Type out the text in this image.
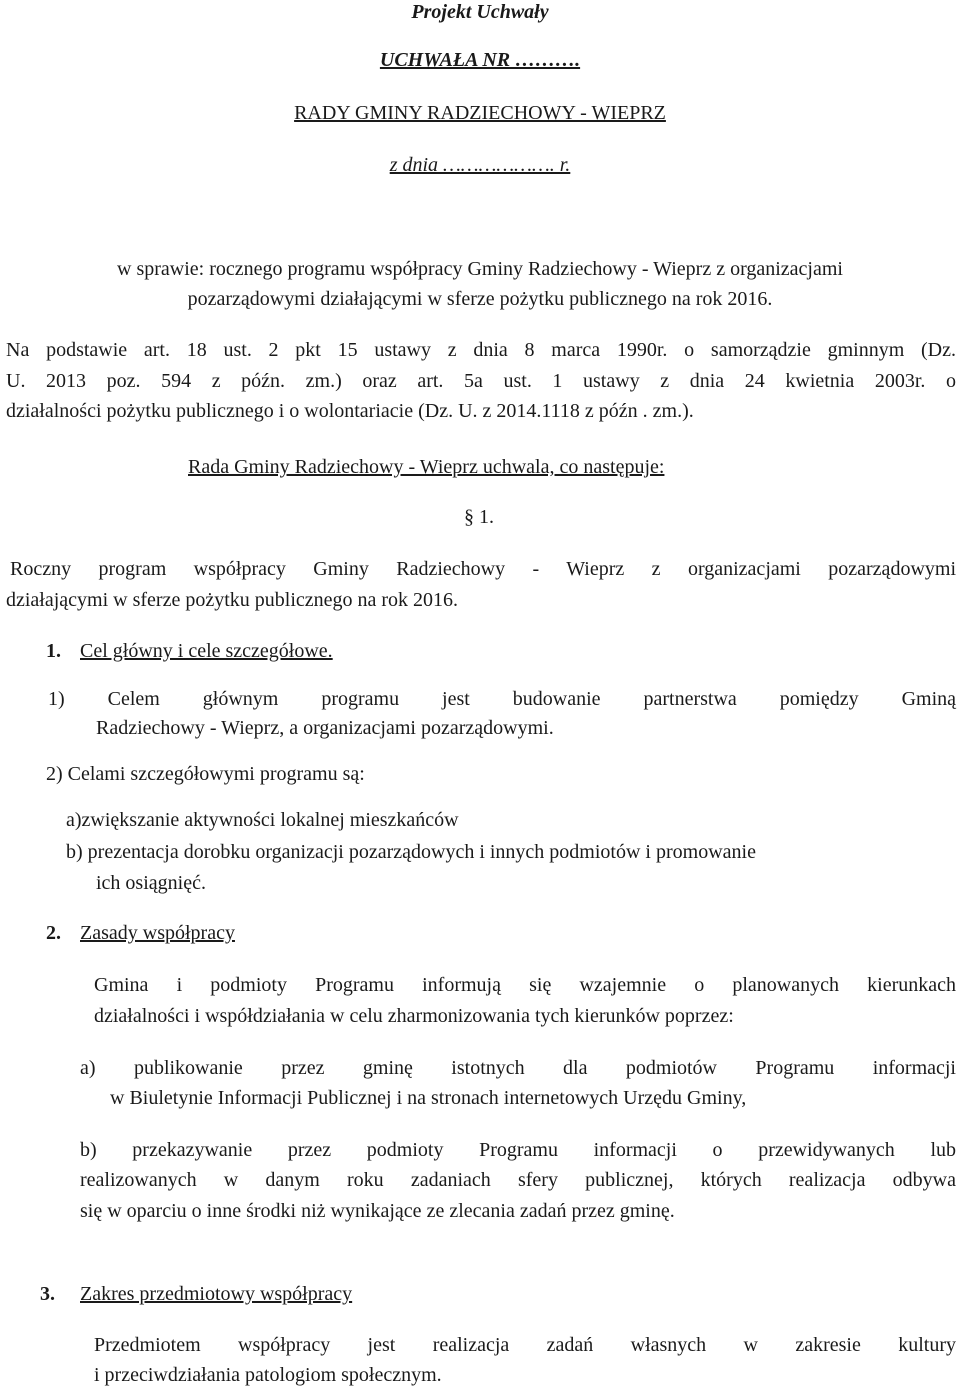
Projekt Uchwały
UCHWAŁA NR ……….
RADY GMINY RADZIECHOWY - WIEPRZ
z dnia ………………. r.
w sprawie: rocznego programu współpracy Gminy Radziechowy - Wieprz z organizacjami
pozarządowymi działającymi w sferze pożytku publicznego na rok 2016.
Na podstawie art. 18 ust. 2 pkt 15 ustawy z dnia 8 marca 1990r. o samorządzie gminnym (Dz.
U. 2013 poz. 594 z późn. zm.) oraz art. 5a ust. 1 ustawy z dnia 24 kwietnia 2003r. o
działalności pożytku publicznego i o wolontariacie (Dz. U. z 2014.1118 z późn . zm.).
Rada Gminy Radziechowy - Wieprz uchwala, co następuje:
§ 1.
Roczny program współpracy Gminy Radziechowy - Wieprz z organizacjami pozarządowymi
działającymi w sferze pożytku publicznego na rok 2016.
1. Cel główny i cele szczegółowe.
1) Celem głównym programu jest budowanie partnerstwa pomiędzy Gminą
Radziechowy - Wieprz, a organizacjami pozarządowymi.
2) Celami szczegółowymi programu są:
a)zwiększanie aktywności lokalnej mieszkańców
b) prezentacja dorobku organizacji pozarządowych i innych podmiotów i promowanie
ich osiągnięć.
2. Zasady współpracy
Gmina i podmioty Programu informują się wzajemnie o planowanych kierunkach
działalności i współdziałania w celu zharmonizowania tych kierunków poprzez:
a) publikowanie przez gminę istotnych dla podmiotów Programu informacji
w Biuletynie Informacji Publicznej i na stronach internetowych Urzędu Gminy,
b) przekazywanie przez podmioty Programu informacji o przewidywanych lub
realizowanych w danym roku zadaniach sfery publicznej, których realizacja odbywa
się w oparciu o inne środki niż wynikające ze zlecania zadań przez gminę.
3. Zakres przedmiotowy współpracy
Przedmiotem współpracy jest realizacja zadań własnych w zakresie kultury
i przeciwdziałania patologiom społecznym.
